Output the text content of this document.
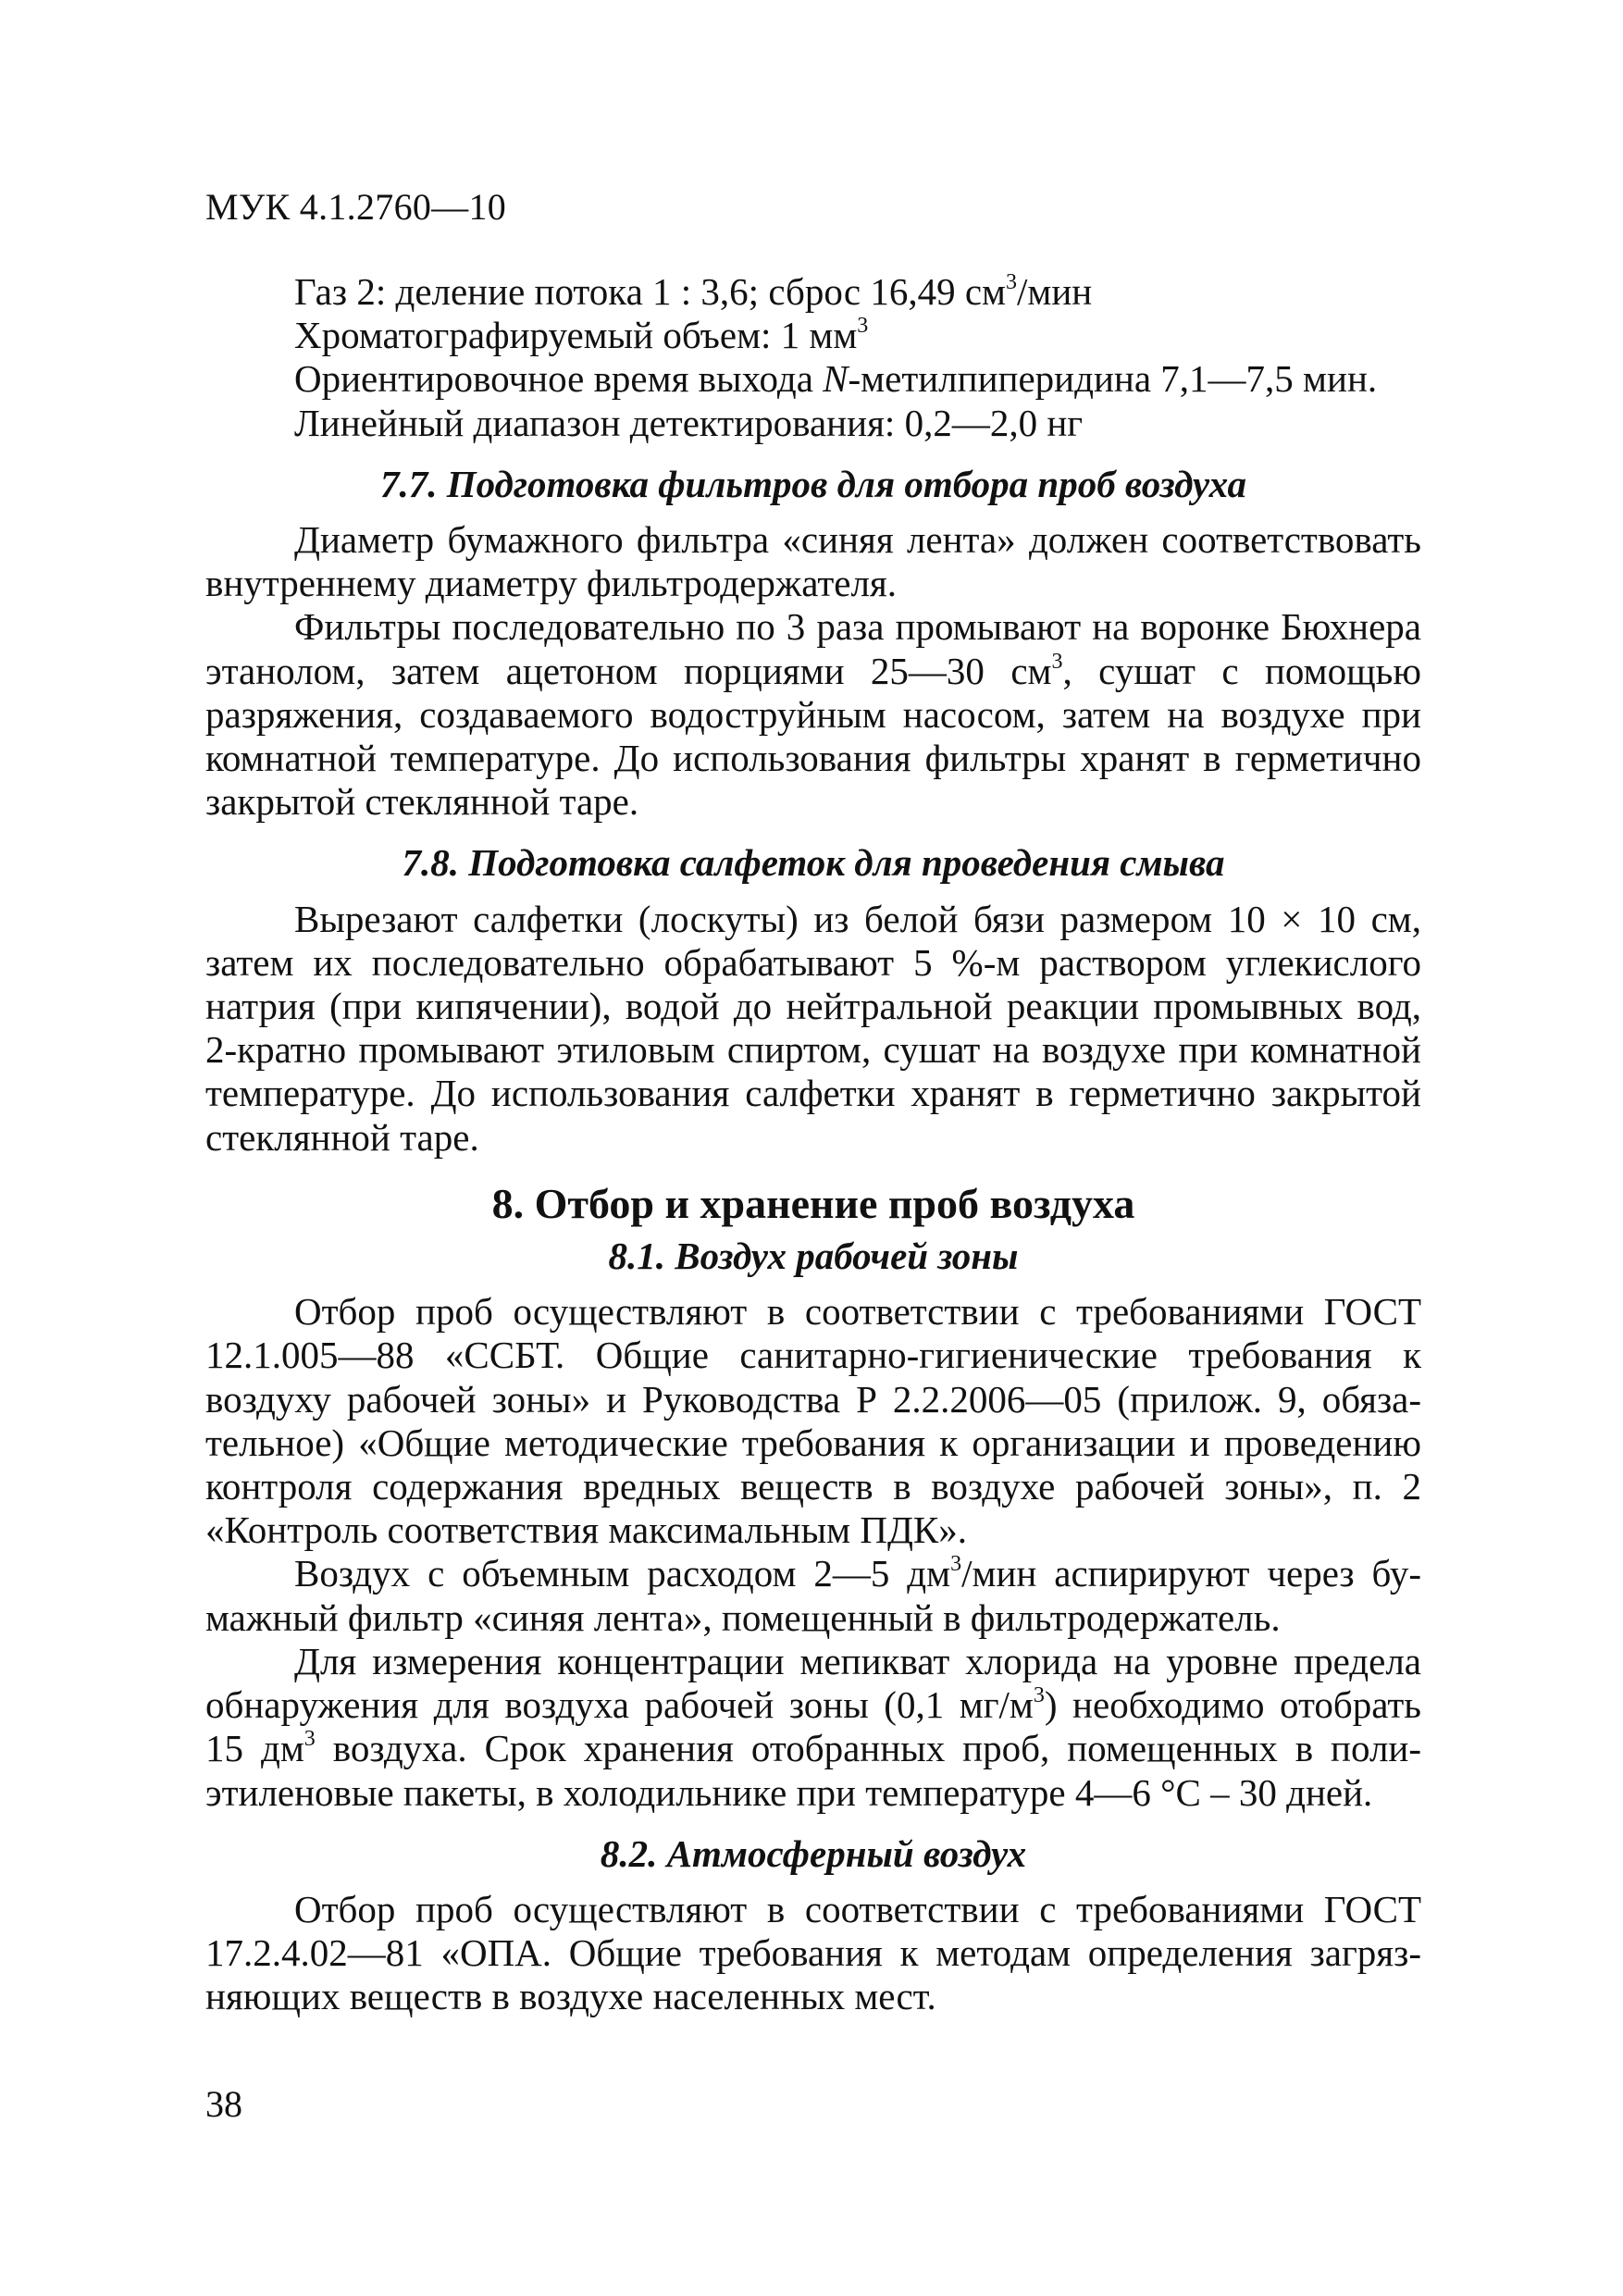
МУК 4.1.2760—10
Газ 2: деление потока 1 : 3,6; сброс 16,49 $см^3$/мин
Хроматографируемый объем: 1 $мм^3$
Ориентировочное время выхода N-метилпиперидина 7,1—7,5 мин.
Линейный диапазон детектирования: 0,2—2,0 нг
7.7. Подготовка фильтров для отбора проб воздуха

Диаметр бумажного фильтра «синяя лента» должен соответствовать внутреннему диаметру фильтродержателя.

Фильтры последовательно по 3 раза промывают на воронке Бюхнера этанолом, затем ацетоном порциями 25—30 $см^3$, сушат с помощью разряжения, создаваемого водоструйным насосом, затем на воздухе при комнатной температуре. До использования фильтры хранят в герметично закрытой стеклянной таре.

7.8. Подготовка салфеток для проведения смыва

Вырезают салфетки (лоскуты) из белой бязи размером 10 × 10 см, затем их последовательно обрабатывают 5 %-м раствором углекислого натрия (при кипячении), водой до нейтральной реакции промывных вод, 2-кратно промывают этиловым спиртом, сушат на воздухе при комнатной температуре. До использования салфетки хранят в герметично закрытой стеклянной таре.

8. Отбор и хранение проб воздуха
8.1. Воздух рабочей зоны

Отбор проб осуществляют в соответствии с требованиями ГОСТ 12.1.005—88 «ССБТ. Общие санитарно-гигиенические требования к воздуху рабочей зоны» и Руководства Р 2.2.2006—05 (прилож. 9, обязательное) «Общие методические требования к организации и проведению контроля содержания вредных веществ в воздухе рабочей зоны», п. 2 «Контроль соответствия максимальным ПДК».

Воздух с объемным расходом 2—5 $дм^3$/мин аспирируют через бумажный фильтр «синяя лента», помещенный в фильтродержатель.

Для измерения концентрации мепикват хлорида на уровне предела обнаружения для воздуха рабочей зоны (0,1 $мг/м^3$) необходимо отобрать 15 $дм^3$ воздуха. Срок хранения отобранных проб, помещенных в полиэтиленовые пакеты, в холодильнике при температуре 4—6 °С – 30 дней.

8.2. Атмосферный воздух

Отбор проб осуществляют в соответствии с требованиями ГОСТ 17.2.4.02—81 «ОПА. Общие требования к методам определения загрязняющих веществ в воздухе населенных мест.

38
